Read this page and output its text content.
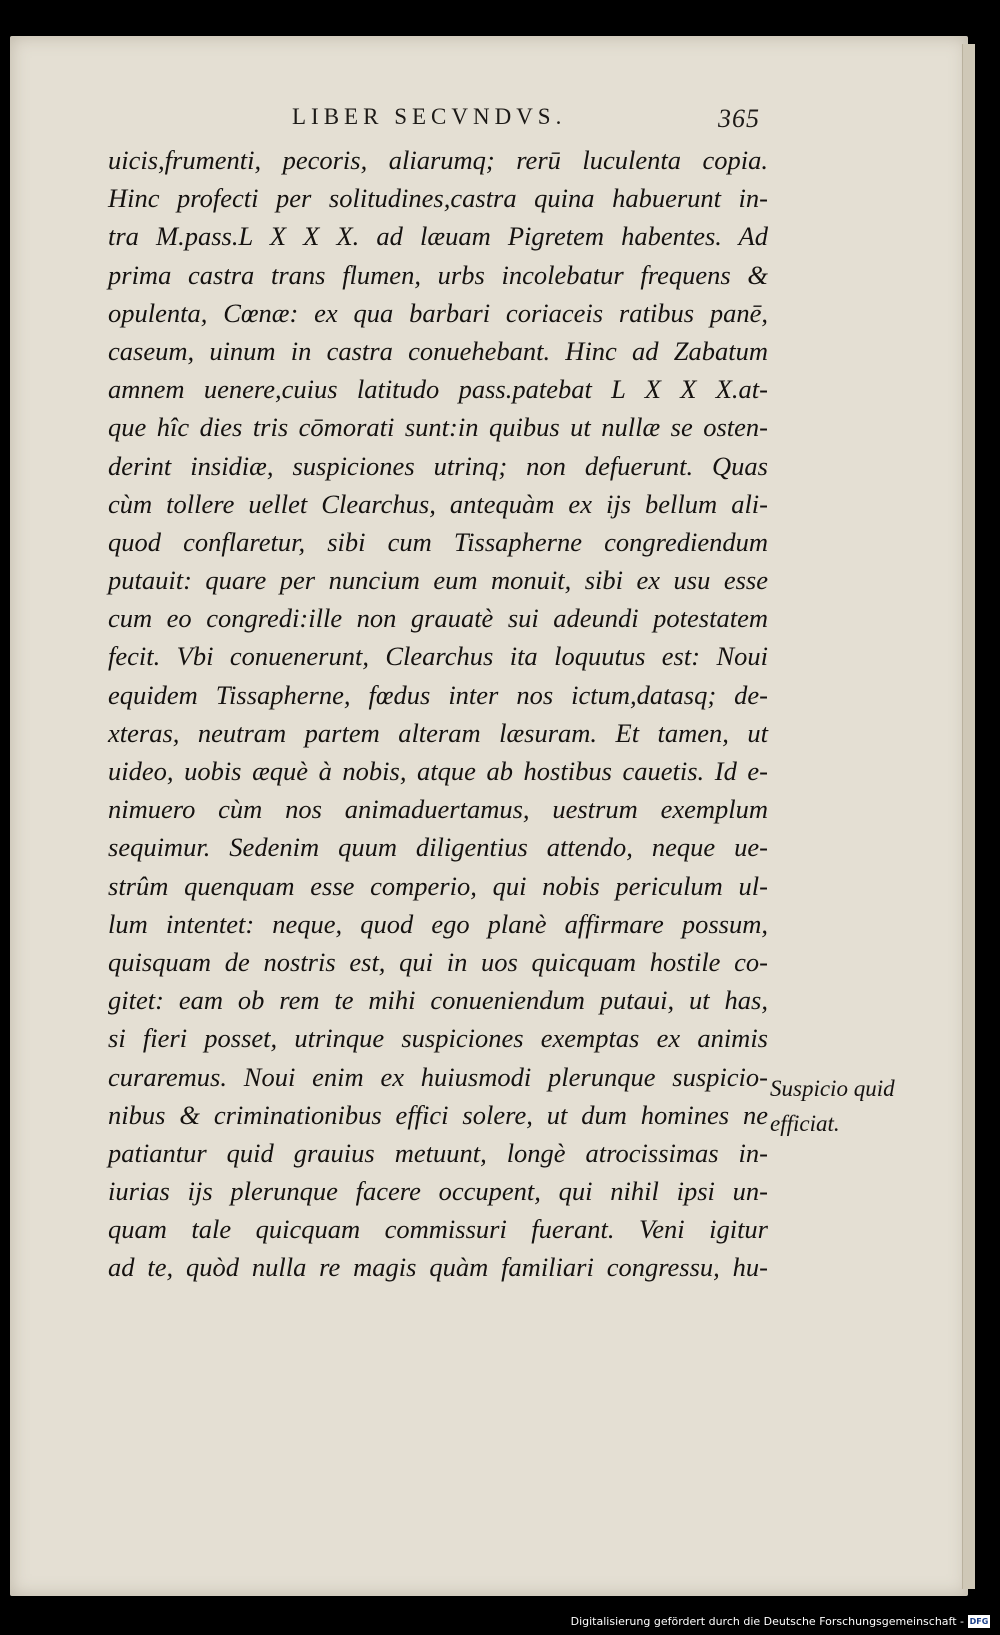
LIBER SECVNDVS.	365
uicis,frumenti, pecoris, aliarumq; rerū luculenta copia.
Hinc profecti per solitudines,castra quina habuerunt in-
tra M.pass.L X X X. ad læuam Pigretem habentes. Ad
prima castra trans flumen, urbs incolebatur frequens &
opulenta, Cœnæ: ex qua barbari coriaceis ratibus panē,
caseum, uinum in castra conuehebant. Hinc ad Zabatum
amnem uenere,cuius latitudo pass.patebat L X X X.at-
que hîc dies tris cōmorati sunt:in quibus ut nullæ se osten-
derint insidiæ, suspiciones utrinq; non defuerunt. Quas
cùm tollere uellet Clearchus, antequàm ex ijs bellum ali-
quod conflaretur, sibi cum Tissapherne congrediendum
putauit: quare per nuncium eum monuit, sibi ex usu esse
cum eo congredi:ille non grauatè sui adeundi potestatem
fecit. Vbi conuenerunt, Clearchus ita loquutus est: Noui
equidem Tissapherne, fœdus inter nos ictum,datasq; de-
xteras, neutram partem alteram læsuram. Et tamen, ut
uideo, uobis æquè à nobis, atque ab hostibus cauetis. Id e-
nimuero cùm nos animaduertamus, uestrum exemplum
sequimur. Sedenim quum diligentius attendo, neque ue-
strûm quenquam esse comperio, qui nobis periculum ul-
lum intentet: neque, quod ego planè affirmare possum,
quisquam de nostris est, qui in uos quicquam hostile co-
gitet: eam ob rem te mihi conueniendum putaui, ut has,
si fieri posset, utrinque suspiciones exemptas ex animis
curaremus. Noui enim ex huiusmodi plerunque suspicio-
nibus & criminationibus effici solere, ut dum homines ne
patiantur quid grauius metuunt, longè atrocissimas in-
iurias ijs plerunque facere occupent, qui nihil ipsi un-
quam tale quicquam commissuri fuerant. Veni igitur
ad te, quòd nulla re magis quàm familiari congressu, hu-
Suspicio quid
efficiat.
Digitalisierung gefördert durch die Deutsche Forschungsgemeinschaft - DFG
